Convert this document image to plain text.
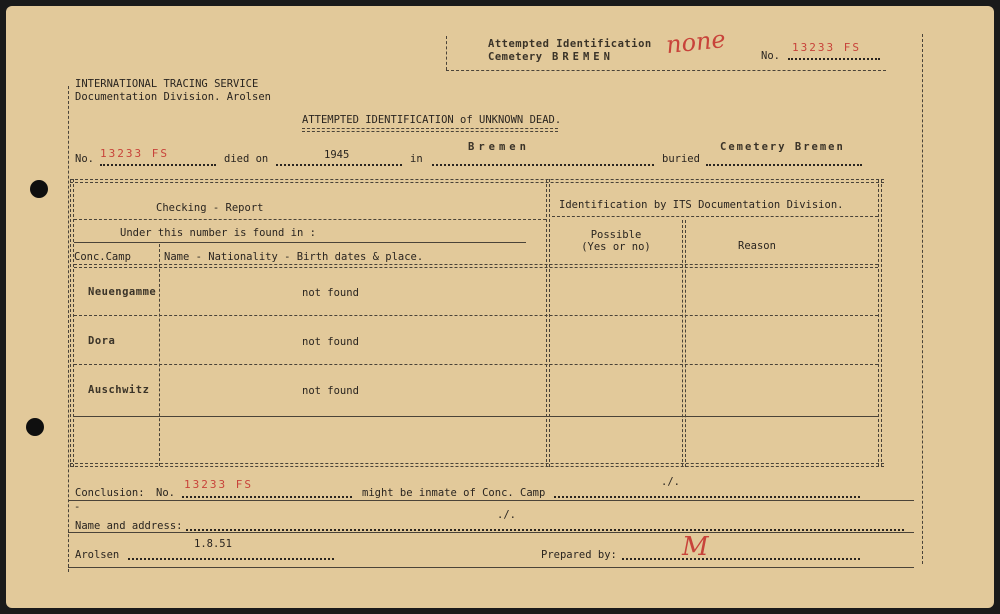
Attempted Identification
Cemetery BREMEN none	No.
13233 FS
INTERNATIONAL TRACING SERVICE
Documentation Division. Arolsen
ATTEMPTED IDENTIFICATION of UNKNOWN DEAD.
No. 13233 FS	died on	1945	in
Bremen
buried
Cemetery Bremen
Checking - Report	Identification by ITS Documentation Division.
Under this number is found in :
Conc.Camp	Name - Nationality - Birth dates & place.
Possible
(Yes or no)	Reason
Neuengamme	not found
Dora	not found
Auschwitz	not found
Conclusion: No.
13233 FS
might be inmate of Conc. Camp
./.
-
Name and address:
./.
Arolsen
1.8.51
Prepared by:	M
